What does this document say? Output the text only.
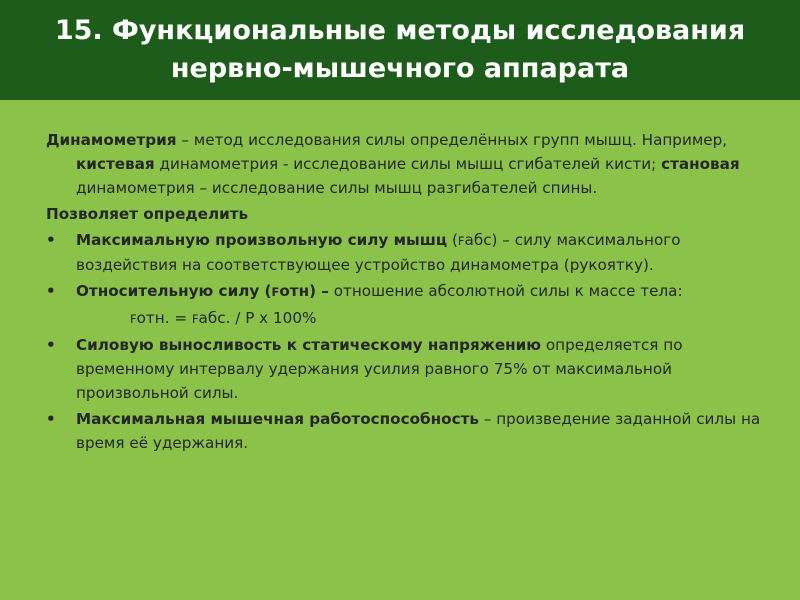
15. Функциональные методы исследования
нервно-мышечного аппарата

Динамометрия – метод исследования силы определённых групп мышц. Например, кистевая динамометрия - исследование силы мышц сгибателей кисти; становая динамометрия – исследование силы мышц разгибателей спины.

Позволяет определить

• Максимальную произвольную силу мышц (Fабс) – силу максимального воздействия на соответствующее устройство динамометра (рукоятку).
• Относительную силу (Fотн) – отношение абсолютной силы к массе тела:

Fотн. = Fабс. / P х 100%

• Силовую выносливость к статическому напряжению определяется по временному интервалу удержания усилия равного 75% от максимальной произвольной силы.
• Максимальная мышечная работоспособность – произведение заданной силы на время её удержания.
